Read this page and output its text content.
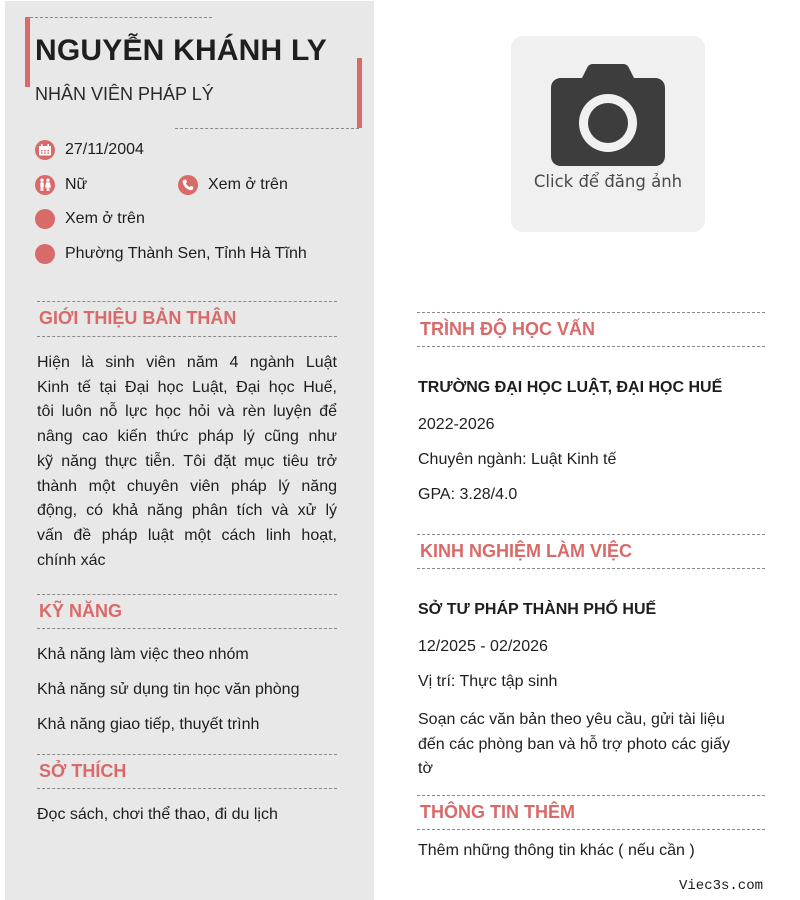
NGUYỄN KHÁNH LY
NHÂN VIÊN PHÁP LÝ
27/11/2004
Nữ	Xem ở trên
Xem ở trên
Phường Thành Sen, Tỉnh Hà Tĩnh
GIỚI THIỆU BẢN THÂN
Hiện là sinh viên năm 4 ngành Luật
Kinh tế tại Đại học Luật, Đại học Huế,
tôi luôn nỗ lực học hỏi và rèn luyện để
nâng cao kiến thức pháp lý cũng như
kỹ năng thực tiễn. Tôi đặt mục tiêu trở
thành một chuyên viên pháp lý năng
động, có khả năng phân tích và xử lý
vấn đề pháp luật một cách linh hoạt,
chính xác
KỸ NĂNG
Khả năng làm việc theo nhóm
Khả năng sử dụng tin học văn phòng
Khả năng giao tiếp, thuyết trình
SỞ THÍCH
Đọc sách, chơi thể thao, đi du lịch
Click để đăng ảnh
TRÌNH ĐỘ HỌC VẤN
TRƯỜNG ĐẠI HỌC LUẬT, ĐẠI HỌC HUẾ
2022-2026
Chuyên ngành: Luật Kinh tế
GPA: 3.28/4.0
KINH NGHIỆM LÀM VIỆC
SỞ TƯ PHÁP THÀNH PHỐ HUẾ
12/2025 - 02/2026
Vị trí: Thực tập sinh
Soạn các văn bản theo yêu cầu, gửi tài liệu
đến các phòng ban và hỗ trợ photo các giấy
tờ
THÔNG TIN THÊM
Thêm những thông tin khác ( nếu cần )
Viec3s.com
